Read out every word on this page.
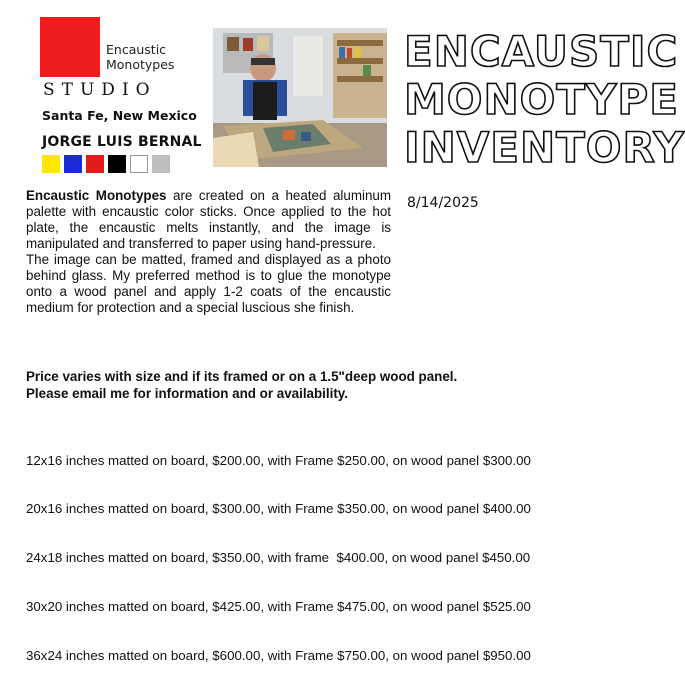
Encaustic
Monotypes
STUDIO
Santa Fe, New Mexico
JORGE LUIS BERNAL
ENCAUSTIC
MONOTYPE
INVENTORY
8/14/2025

Encaustic Monotypes are created on a heated aluminum palette with encaustic color sticks. Once applied to the hot plate, the encaustic melts instantly, and the image is manipulated and transferred to paper using hand-pressure.

The image can be matted, framed and displayed as a photo behind glass. My preferred method is to glue the monotype onto a wood panel and apply 1-2 coats of the encaustic medium for protection and a special luscious she finish.

Price varies with size and if its framed or on a 1.5"deep wood panel.
Please email me for information and or availability.

12x16 inches matted on board, $200.00, with Frame $250.00, on wood panel $300.00

20x16 inches matted on board, $300.00, with Frame $350.00, on wood panel $400.00

24x18 inches matted on board, $350.00, with frame  $400.00, on wood panel $450.00

30x20 inches matted on board, $425.00, with Frame $475.00, on wood panel $525.00

36x24 inches matted on board, $600.00, with Frame $750.00, on wood panel $950.00
